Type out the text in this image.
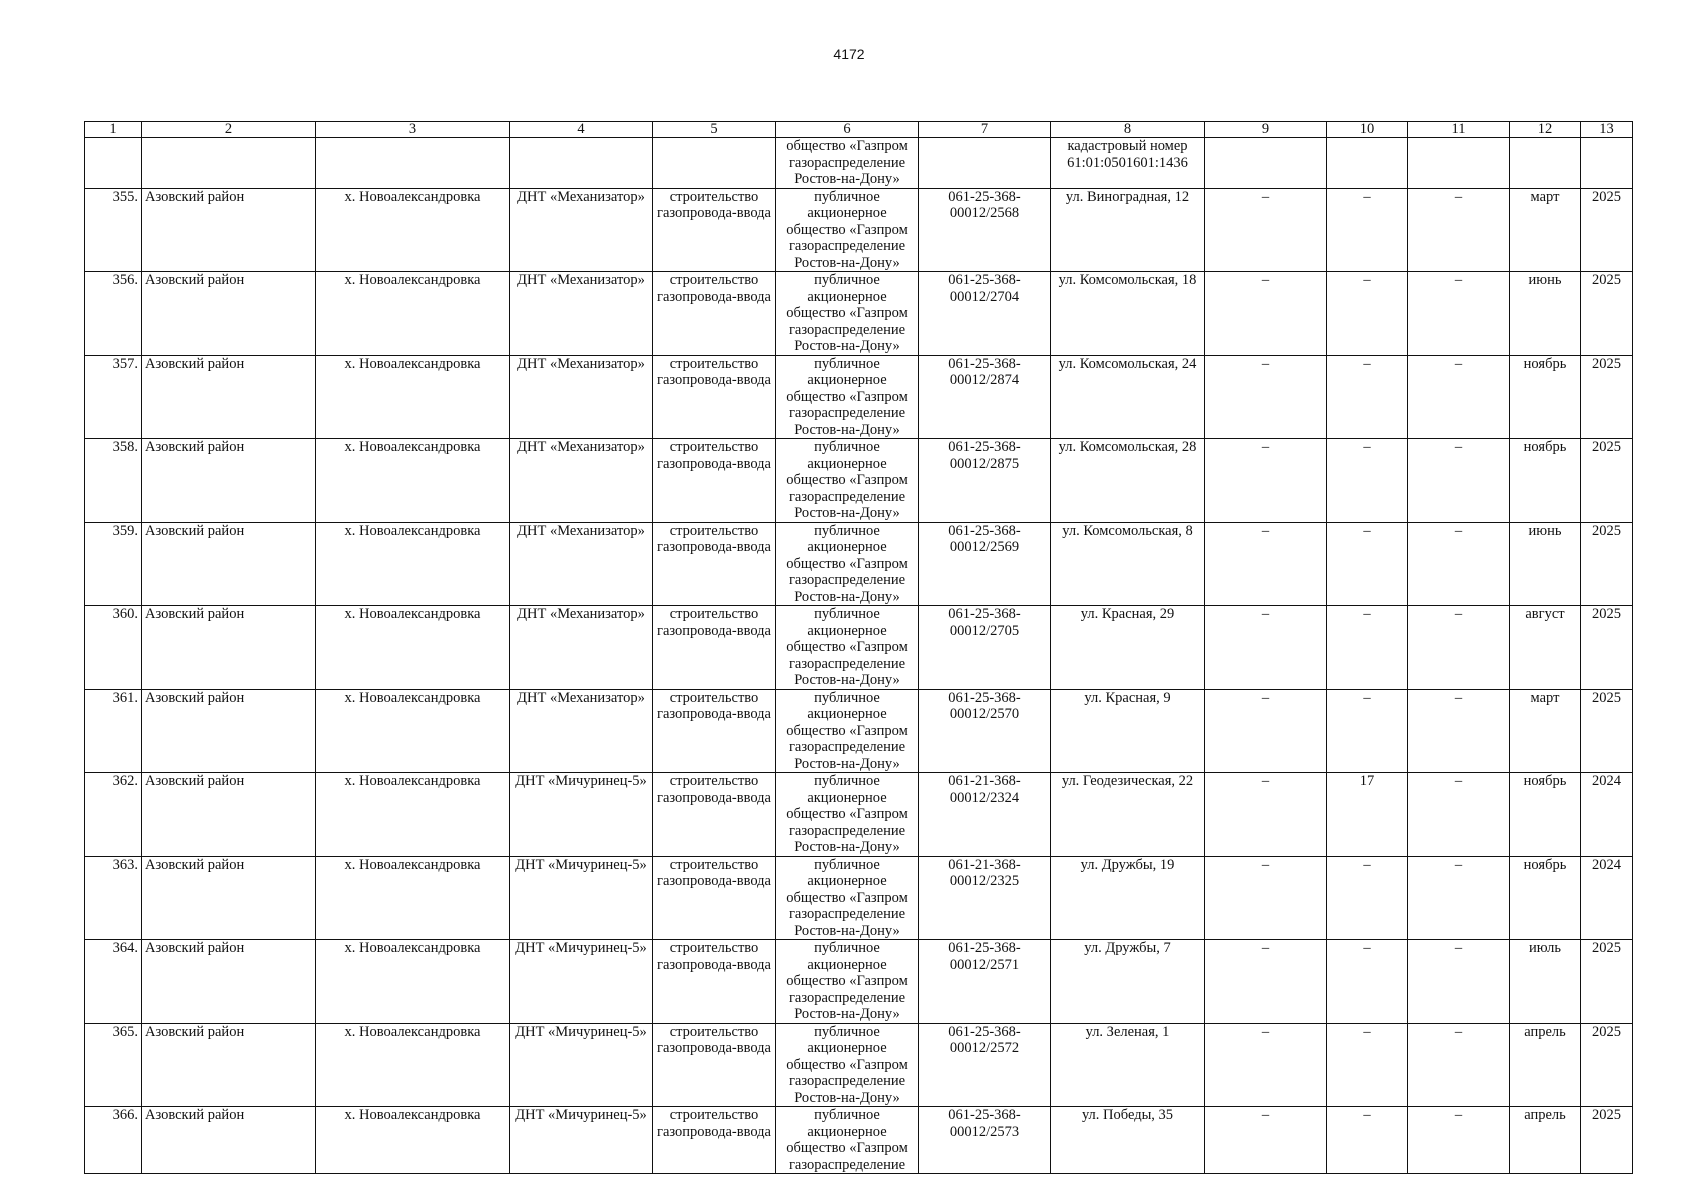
4172
1	2	3	4	5	6	7	8	9	10	11	12	13
					общество «Газпром газораспределение Ростов-на-Дону»		кадастровый номер 61:01:0501601:1436					
355.	Азовский район	х. Новоалександровка	ДНТ «Механизатор»	строительство газопровода-ввода	публичное акционерное общество «Газпром газораспределение Ростов-на-Дону»	061-25-368-00012/2568	ул. Виноградная, 12	–	–	–	март	2025
356.	Азовский район	х. Новоалександровка	ДНТ «Механизатор»	строительство газопровода-ввода	публичное акционерное общество «Газпром газораспределение Ростов-на-Дону»	061-25-368-00012/2704	ул. Комсомольская, 18	–	–	–	июнь	2025
357.	Азовский район	х. Новоалександровка	ДНТ «Механизатор»	строительство газопровода-ввода	публичное акционерное общество «Газпром газораспределение Ростов-на-Дону»	061-25-368-00012/2874	ул. Комсомольская, 24	–	–	–	ноябрь	2025
358.	Азовский район	х. Новоалександровка	ДНТ «Механизатор»	строительство газопровода-ввода	публичное акционерное общество «Газпром газораспределение Ростов-на-Дону»	061-25-368-00012/2875	ул. Комсомольская, 28	–	–	–	ноябрь	2025
359.	Азовский район	х. Новоалександровка	ДНТ «Механизатор»	строительство газопровода-ввода	публичное акционерное общество «Газпром газораспределение Ростов-на-Дону»	061-25-368-00012/2569	ул. Комсомольская, 8	–	–	–	июнь	2025
360.	Азовский район	х. Новоалександровка	ДНТ «Механизатор»	строительство газопровода-ввода	публичное акционерное общество «Газпром газораспределение Ростов-на-Дону»	061-25-368-00012/2705	ул. Красная, 29	–	–	–	август	2025
361.	Азовский район	х. Новоалександровка	ДНТ «Механизатор»	строительство газопровода-ввода	публичное акционерное общество «Газпром газораспределение Ростов-на-Дону»	061-25-368-00012/2570	ул. Красная, 9	–	–	–	март	2025
362.	Азовский район	х. Новоалександровка	ДНТ «Мичуринец-5»	строительство газопровода-ввода	публичное акционерное общество «Газпром газораспределение Ростов-на-Дону»	061-21-368-00012/2324	ул. Геодезическая, 22	–	17	–	ноябрь	2024
363.	Азовский район	х. Новоалександровка	ДНТ «Мичуринец-5»	строительство газопровода-ввода	публичное акционерное общество «Газпром газораспределение Ростов-на-Дону»	061-21-368-00012/2325	ул. Дружбы, 19	–	–	–	ноябрь	2024
364.	Азовский район	х. Новоалександровка	ДНТ «Мичуринец-5»	строительство газопровода-ввода	публичное акционерное общество «Газпром газораспределение Ростов-на-Дону»	061-25-368-00012/2571	ул. Дружбы, 7	–	–	–	июль	2025
365.	Азовский район	х. Новоалександровка	ДНТ «Мичуринец-5»	строительство газопровода-ввода	публичное акционерное общество «Газпром газораспределение Ростов-на-Дону»	061-25-368-00012/2572	ул. Зеленая, 1	–	–	–	апрель	2025
366.	Азовский район	х. Новоалександровка	ДНТ «Мичуринец-5»	строительство газопровода-ввода	публичное акционерное общество «Газпром газораспределение	061-25-368-00012/2573	ул. Победы, 35	–	–	–	апрель	2025
